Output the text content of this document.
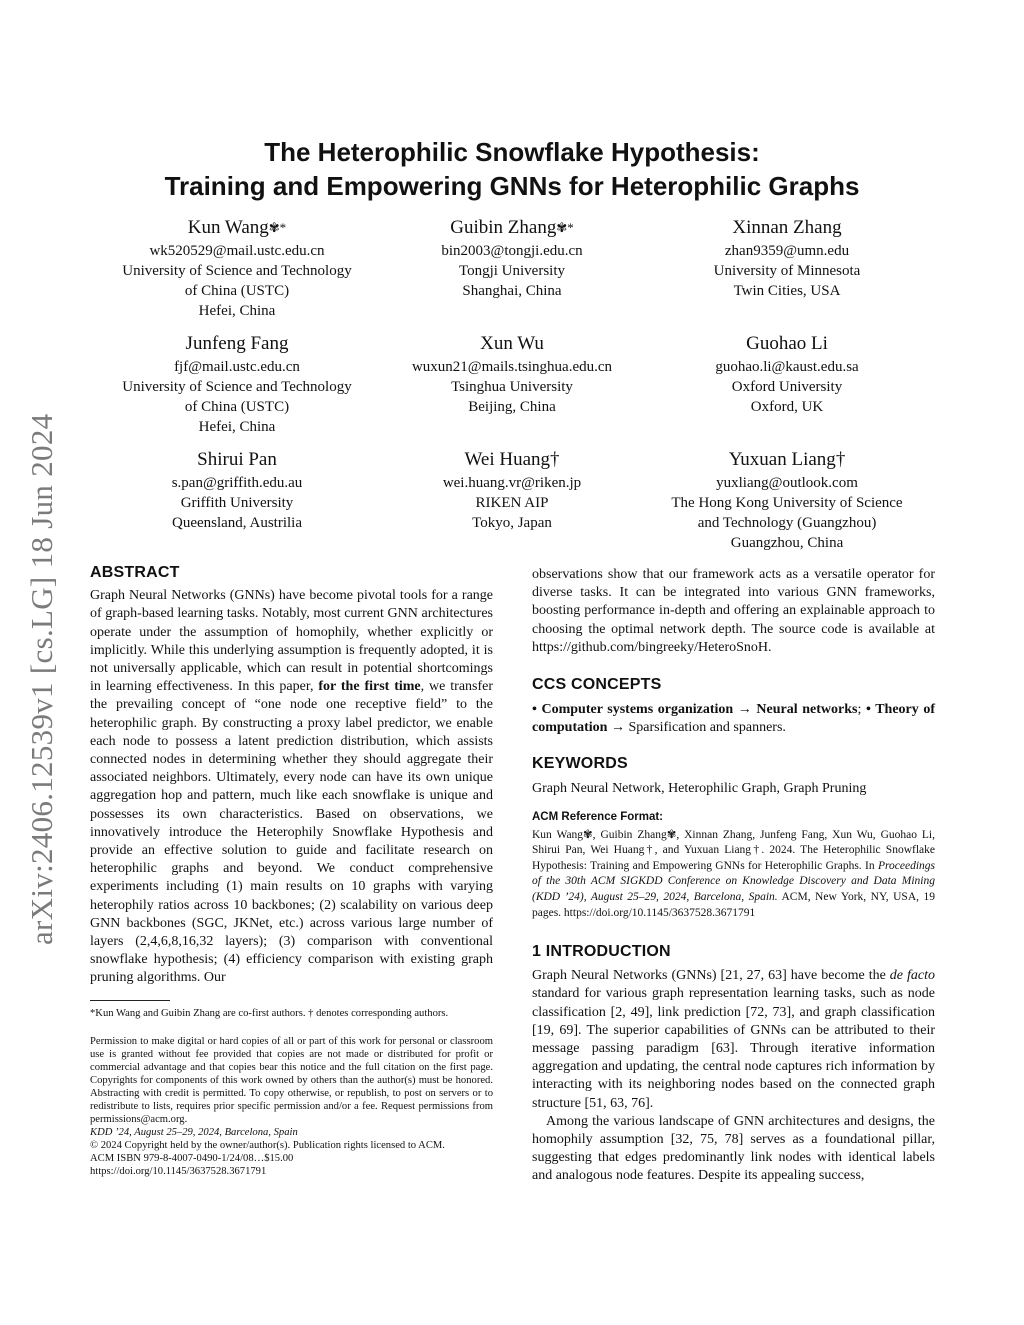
arXiv:2406.12539v1 [cs.LG] 18 Jun 2024
The Heterophilic Snowflake Hypothesis:
Training and Empowering GNNs for Heterophilic Graphs
Kun Wang✾*
wk520529@mail.ustc.edu.cn
University of Science and Technology
of China (USTC)
Hefei, China
Guibin Zhang✾*
bin2003@tongji.edu.cn
Tongji University
Shanghai, China
Xinnan Zhang
zhan9359@umn.edu
University of Minnesota
Twin Cities, USA
Junfeng Fang
fjf@mail.ustc.edu.cn
University of Science and Technology
of China (USTC)
Hefei, China
Xun Wu
wuxun21@mails.tsinghua.edu.cn
Tsinghua University
Beijing, China
Guohao Li
guohao.li@kaust.edu.sa
Oxford University
Oxford, UK
Shirui Pan
s.pan@griffith.edu.au
Griffith University
Queensland, Austrilia
Wei Huang†
wei.huang.vr@riken.jp
RIKEN AIP
Tokyo, Japan
Yuxuan Liang†
yuxliang@outlook.com
The Hong Kong University of Science
and Technology (Guangzhou)
Guangzhou, China
ABSTRACT

Graph Neural Networks (GNNs) have become pivotal tools for a range of graph-based learning tasks. Notably, most current GNN architectures operate under the assumption of homophily, whether explicitly or implicitly. While this underlying assumption is frequently adopted, it is not universally applicable, which can result in potential shortcomings in learning effectiveness. In this paper, for the first time, we transfer the prevailing concept of “one node one receptive field” to the heterophilic graph. By constructing a proxy label predictor, we enable each node to possess a latent prediction distribution, which assists connected nodes in determining whether they should aggregate their associated neighbors. Ultimately, every node can have its own unique aggregation hop and pattern, much like each snowflake is unique and possesses its own characteristics. Based on observations, we innovatively introduce the Heterophily Snowflake Hypothesis and provide an effective solution to guide and facilitate research on heterophilic graphs and beyond. We conduct comprehensive experiments including (1) main results on 10 graphs with varying heterophily ratios across 10 backbones; (2) scalability on various deep GNN backbones (SGC, JKNet, etc.) across various large number of layers (2,4,6,8,16,32 layers); (3) comparison with conventional snowflake hypothesis; (4) efficiency comparison with existing graph pruning algorithms. Our

*Kun Wang and Guibin Zhang are co-first authors. † denotes corresponding authors.

Permission to make digital or hard copies of all or part of this work for personal or classroom use is granted without fee provided that copies are not made or distributed for profit or commercial advantage and that copies bear this notice and the full citation on the first page. Copyrights for components of this work owned by others than the author(s) must be honored. Abstracting with credit is permitted. To copy otherwise, or republish, to post on servers or to redistribute to lists, requires prior specific permission and/or a fee. Request permissions from permissions@acm.org.

KDD ’24, August 25–29, 2024, Barcelona, Spain

© 2024 Copyright held by the owner/author(s). Publication rights licensed to ACM.

ACM ISBN 979-8-4007-0490-1/24/08…$15.00

https://doi.org/10.1145/3637528.3671791

observations show that our framework acts as a versatile operator for diverse tasks. It can be integrated into various GNN frameworks, boosting performance in-depth and offering an explainable approach to choosing the optimal network depth. The source code is available at https://github.com/bingreeky/HeteroSnoH.

CCS CONCEPTS

• Computer systems organization → Neural networks; • Theory of computation → Sparsification and spanners.

KEYWORDS

Graph Neural Network, Heterophilic Graph, Graph Pruning

ACM Reference Format:

Kun Wang✾, Guibin Zhang✾, Xinnan Zhang, Junfeng Fang, Xun Wu, Guohao Li, Shirui Pan, Wei Huang†, and Yuxuan Liang†. 2024. The Heterophilic Snowflake Hypothesis: Training and Empowering GNNs for Heterophilic Graphs. In Proceedings of the 30th ACM SIGKDD Conference on Knowledge Discovery and Data Mining (KDD ’24), August 25–29, 2024, Barcelona, Spain. ACM, New York, NY, USA, 19 pages. https://doi.org/10.1145/3637528.3671791

1 INTRODUCTION

Graph Neural Networks (GNNs) [21, 27, 63] have become the de facto standard for various graph representation learning tasks, such as node classification [2, 49], link prediction [72, 73], and graph classification [19, 69]. The superior capabilities of GNNs can be attributed to their message passing paradigm [63]. Through iterative information aggregation and updating, the central node captures rich information by interacting with its neighboring nodes based on the connected graph structure [51, 63, 76].

Among the various landscape of GNN architectures and designs, the homophily assumption [32, 75, 78] serves as a foundational pillar, suggesting that edges predominantly link nodes with identical labels and analogous node features. Despite its appealing success,
